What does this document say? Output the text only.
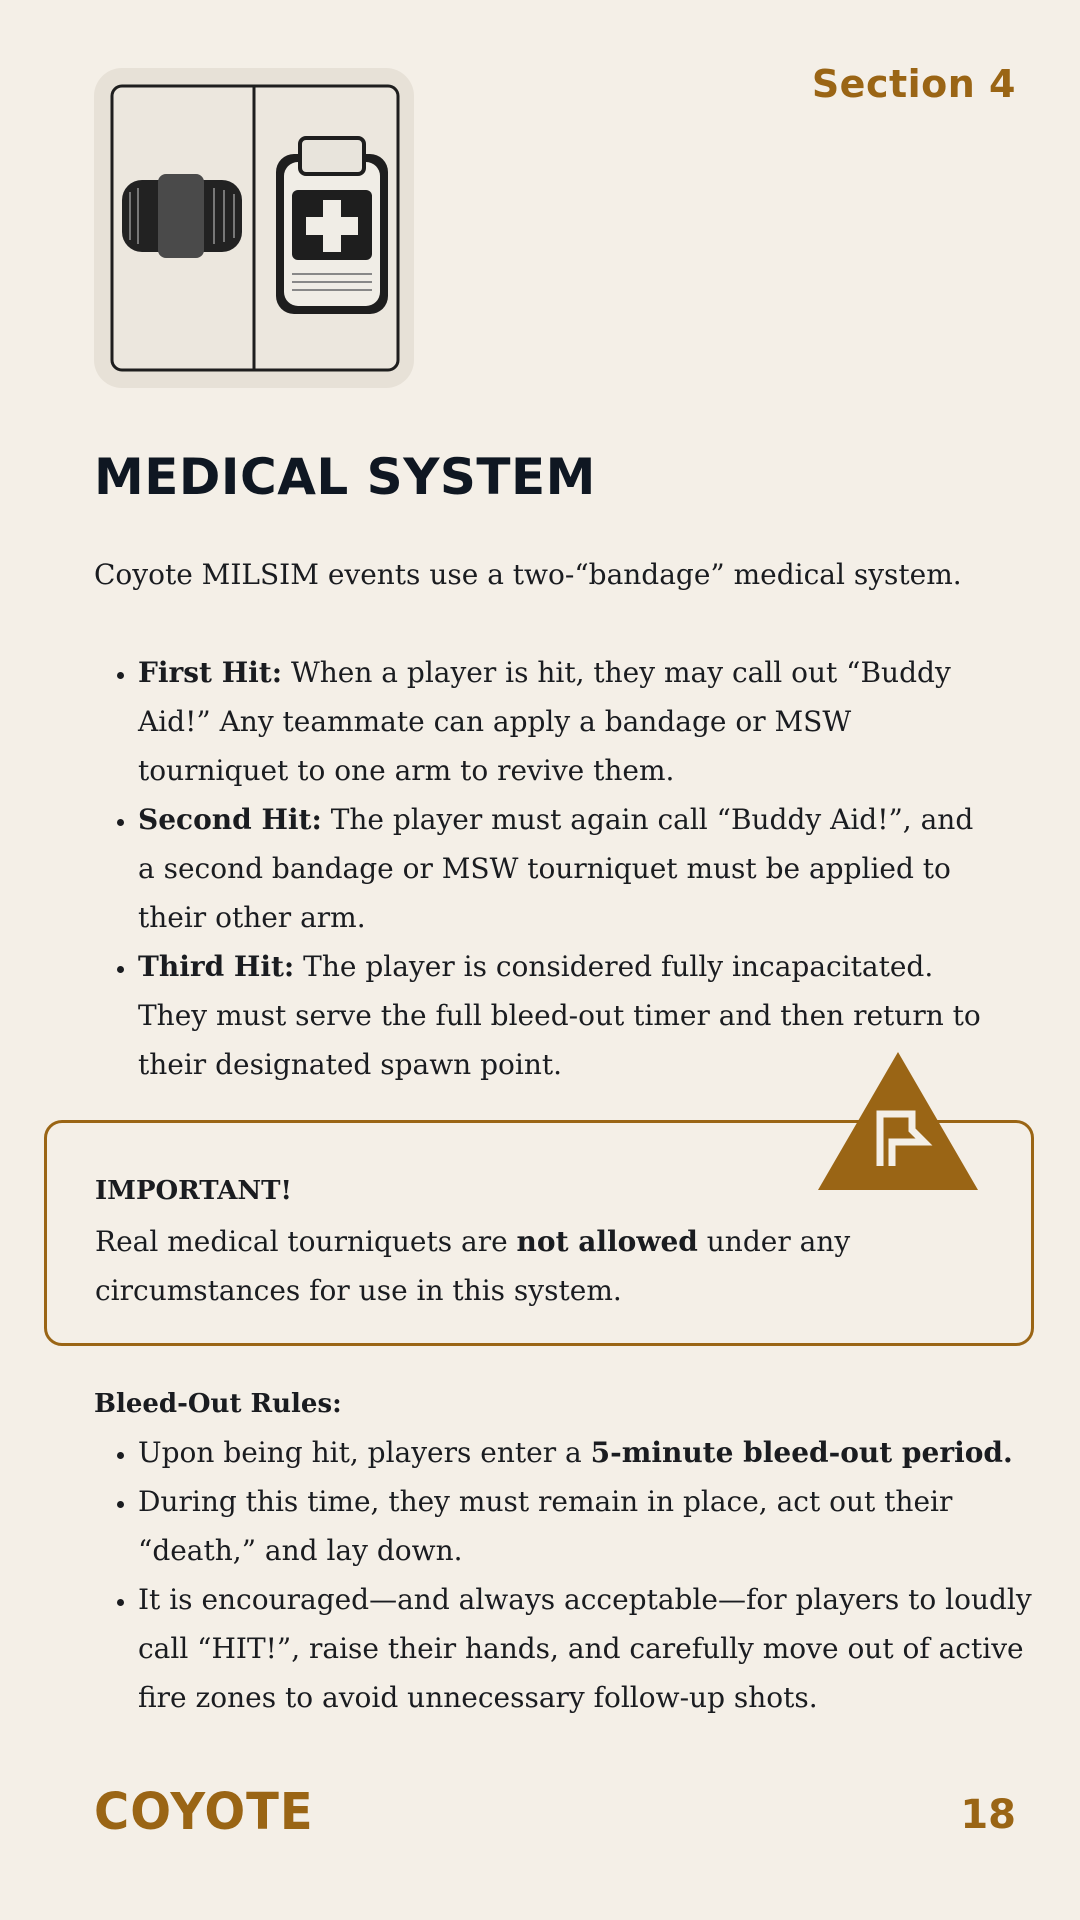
Section 4
MEDICAL SYSTEM

Coyote MILSIM events use a two-“bandage” medical system.

• First Hit: When a player is hit, they may call out “Buddy Aid!” Any teammate can apply a bandage or MSW tourniquet to one arm to revive them.
• Second Hit: The player must again call “Buddy Aid!”, and a second bandage or MSW tourniquet must be applied to their other arm.
• Third Hit: The player is considered fully incapacitated. They must serve the full bleed-out timer and then return to their designated spawn point.
IMPORTANT!
Real medical tourniquets are not allowed under any circumstances for use in this system.
Bleed-Out Rules:
• Upon being hit, players enter a 5-minute bleed-out period.
• During this time, they must remain in place, act out their “death,” and lay down.
• It is encouraged—and always acceptable—for players to loudly call “HIT!”, raise their hands, and carefully move out of active fire zones to avoid unnecessary follow-up shots.
COYOTE	18
